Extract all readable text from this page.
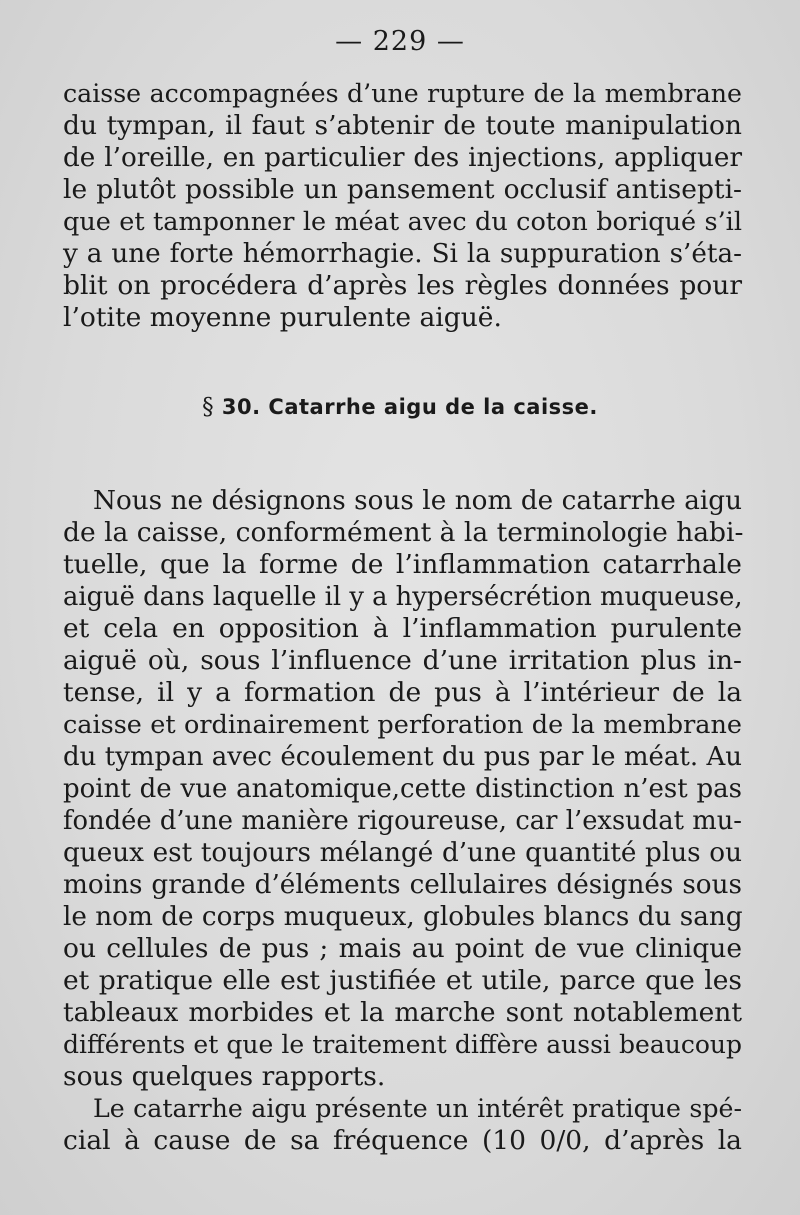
— 229 —
caisse accompagnées d’une rupture de la membrane
du tympan, il faut s’abtenir de toute manipulation
de l’oreille, en particulier des injections, appliquer
le plutôt possible un pansement occlusif antisepti-
que et tamponner le méat avec du coton boriqué s’il
y a une forte hémorrhagie. Si la suppuration s’éta-
blit on procédera d’après les règles données pour
l’otite moyenne purulente aiguë.
§ 30. Catarrhe aigu de la caisse.
Nous ne désignons sous le nom de catarrhe aigu
de la caisse, conformément à la terminologie habi-
tuelle, que la forme de l’inflammation catarrhale
aiguë dans laquelle il y a hypersécrétion muqueuse,
et cela en opposition à l’inflammation purulente
aiguë où, sous l’influence d’une irritation plus in-
tense, il y a formation de pus à l’intérieur de la
caisse et ordinairement perforation de la membrane
du tympan avec écoulement du pus par le méat. Au
point de vue anatomique,cette distinction n’est pas
fondée d’une manière rigoureuse, car l’exsudat mu-
queux est toujours mélangé d’une quantité plus ou
moins grande d’éléments cellulaires désignés sous
le nom de corps muqueux, globules blancs du sang
ou cellules de pus ; mais au point de vue clinique
et pratique elle est justifiée et utile, parce que les
tableaux morbides et la marche sont notablement
différents et que le traitement diffère aussi beaucoup
sous quelques rapports.
Le catarrhe aigu présente un intérêt pratique spé-
cial à cause de sa fréquence (10 0/0, d’après la
